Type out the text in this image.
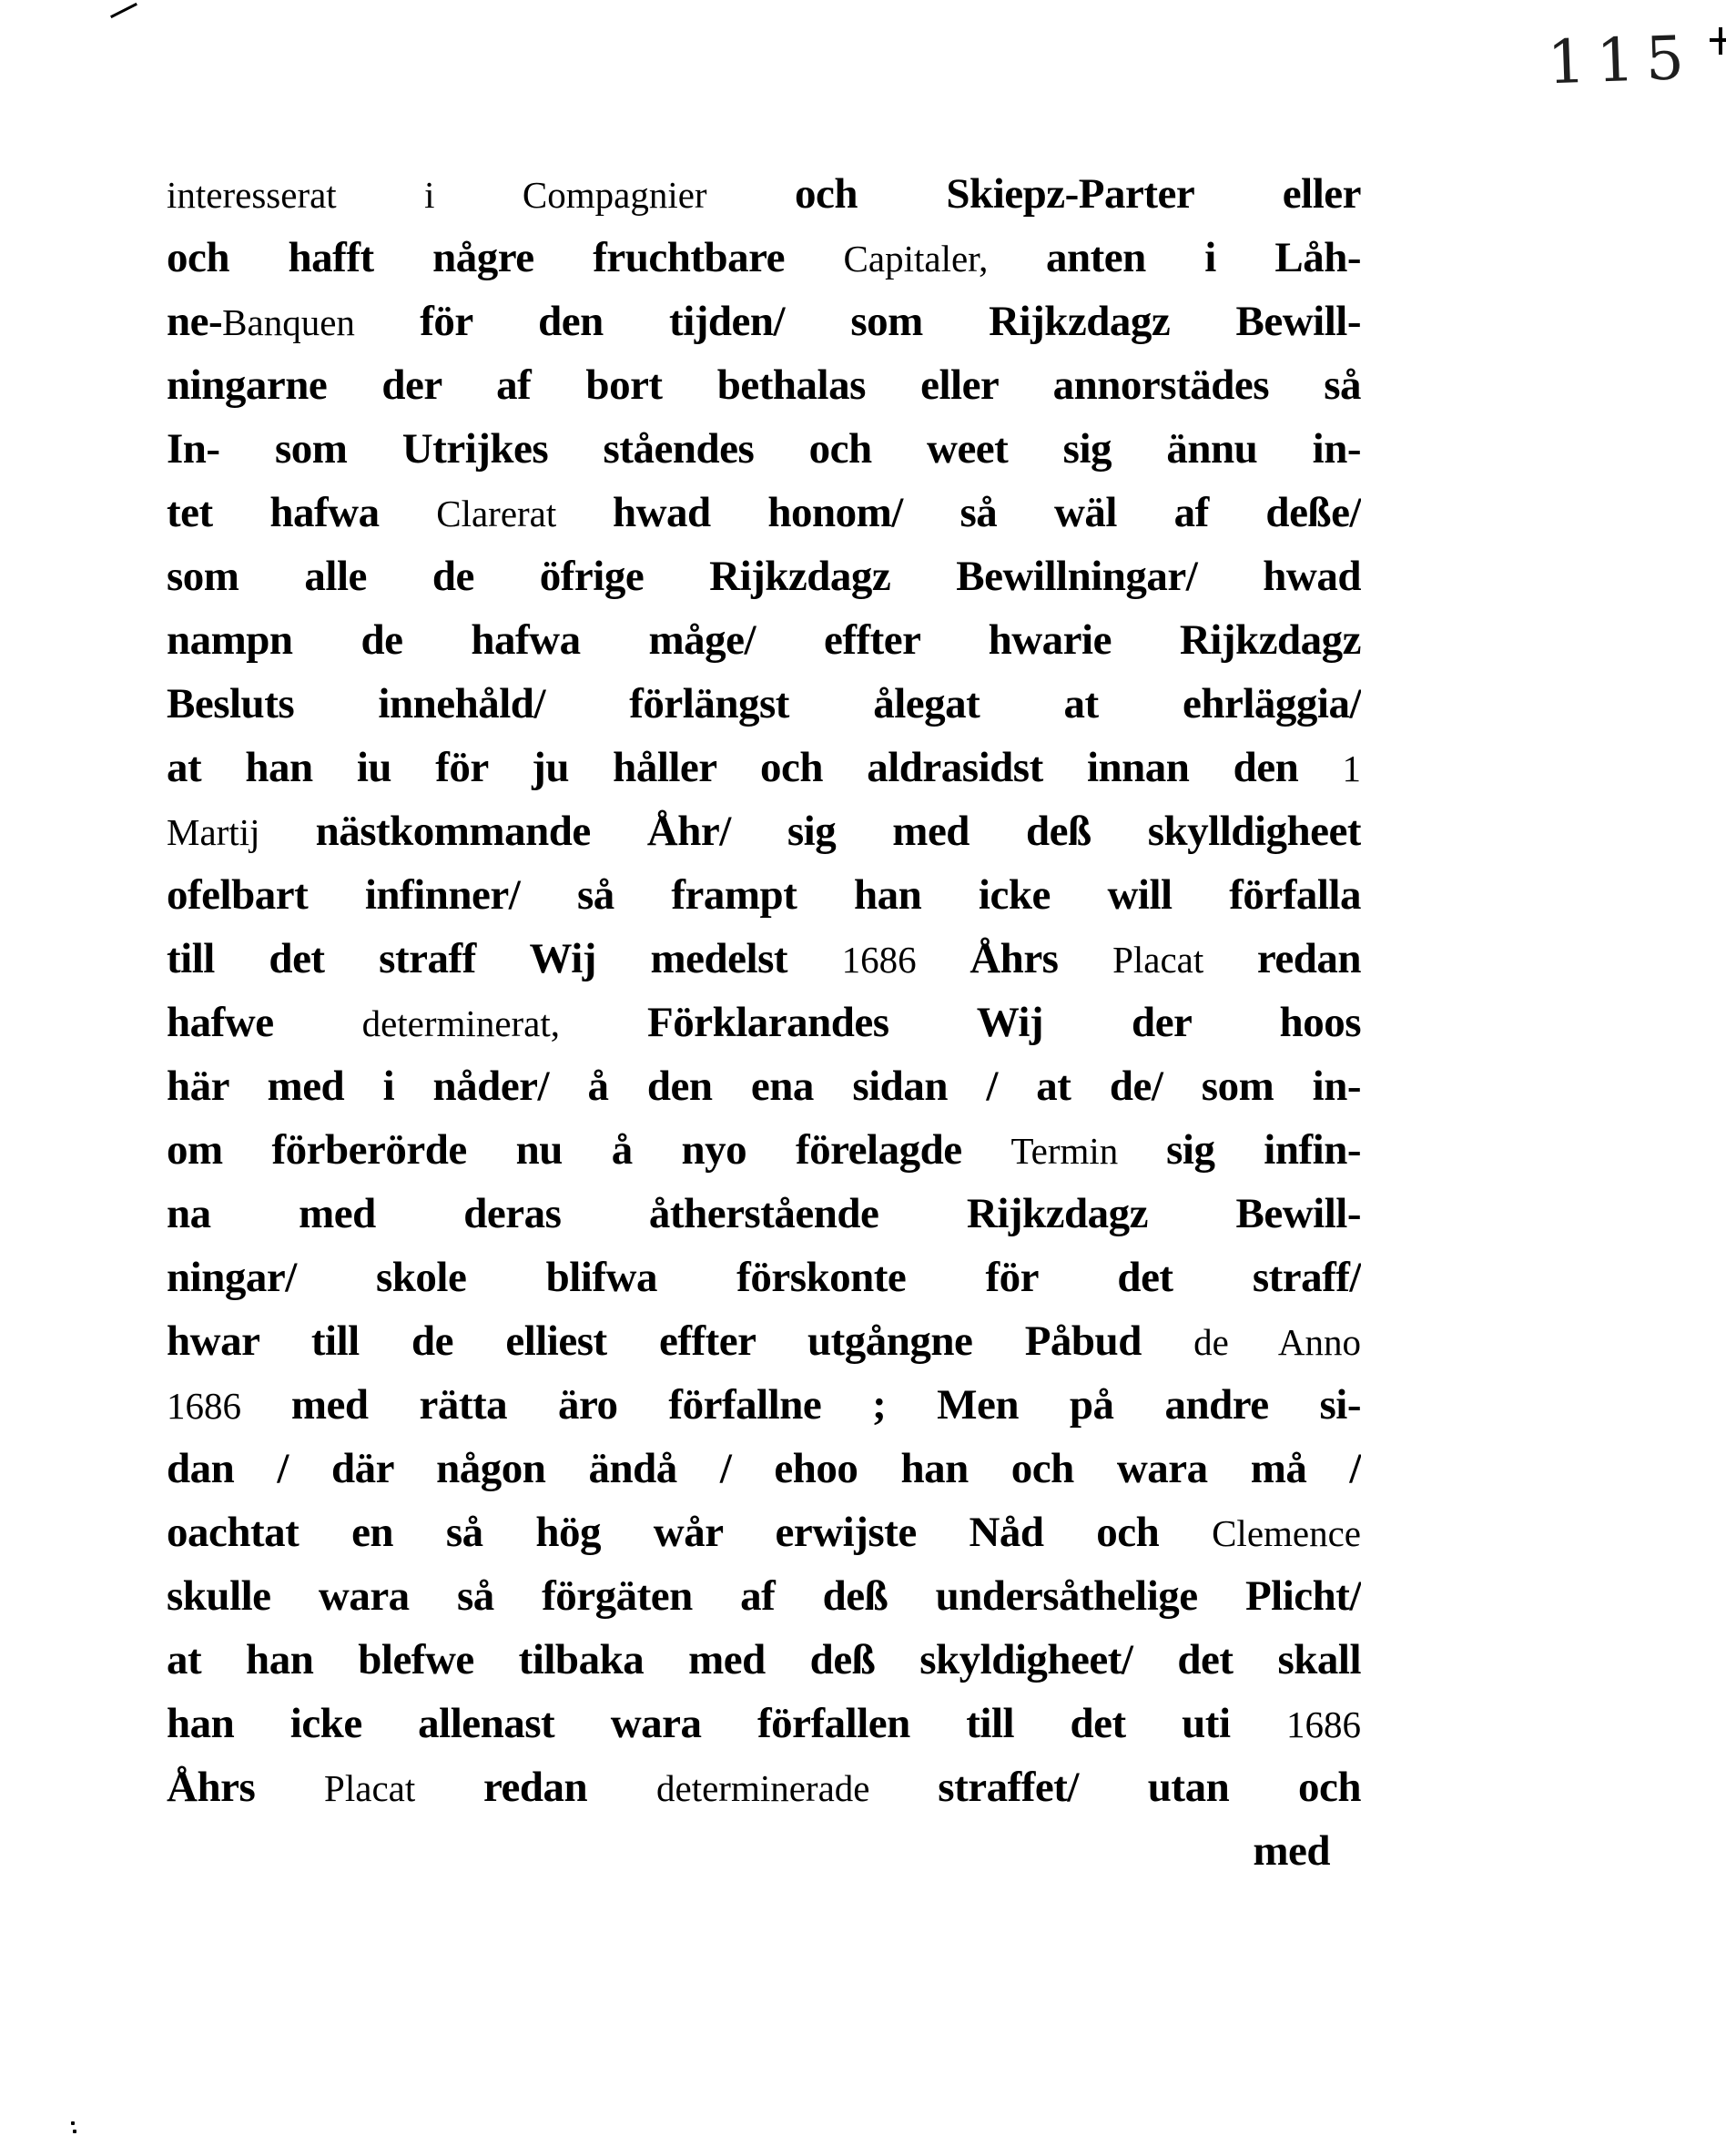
115
interesserat i Compagnier och Skiepz-Parter eller
och hafft någre fruchtbare Capitaler, anten i Låh-
ne-Banquen för den tijden/ som Rijkzdagz Bewill-
ningarne der af bort bethalas eller annorstädes så
In- som Utrijkes ståendes och weet sig ännu in-
tet hafwa Clarerat hwad honom/ så wäl af deße/
som alle de öfrige Rijkzdagz Bewillningar/ hwad
nampn de hafwa måge/ effter hwarie Rijkzdagz
Besluts innehåld/ förlängst ålegat at ehrläggia/
at han iu för ju håller och aldrasidst innan den 1
Martij nästkommande Åhr/ sig med deß skylldigheet
ofelbart infinner/ så frampt han icke will förfalla
till det straff Wij medelst 1686 Åhrs Placat redan
hafwe determinerat, Förklarandes Wij der hoos
här med i nåder/ å den ena sidan / at de/ som in-
om förberörde nu å nyo förelagde Termin sig infin-
na med deras åtherstående Rijkzdagz Bewill-
ningar/ skole blifwa förskonte för det straff/
hwar till de elliest effter utgångne Påbud de Anno
1686 med rätta äro förfallne ; Men på andre si-
dan / där någon ändå / ehoo han och wara må /
oachtat en så hög wår erwijste Nåd och Clemence
skulle wara så förgäten af deß undersåthelige Plicht/
at han blefwe tilbaka med deß skyldigheet/ det skall
han icke allenast wara förfallen till det uti 1686
Åhrs Placat redan determinerade straffet/ utan och
med
